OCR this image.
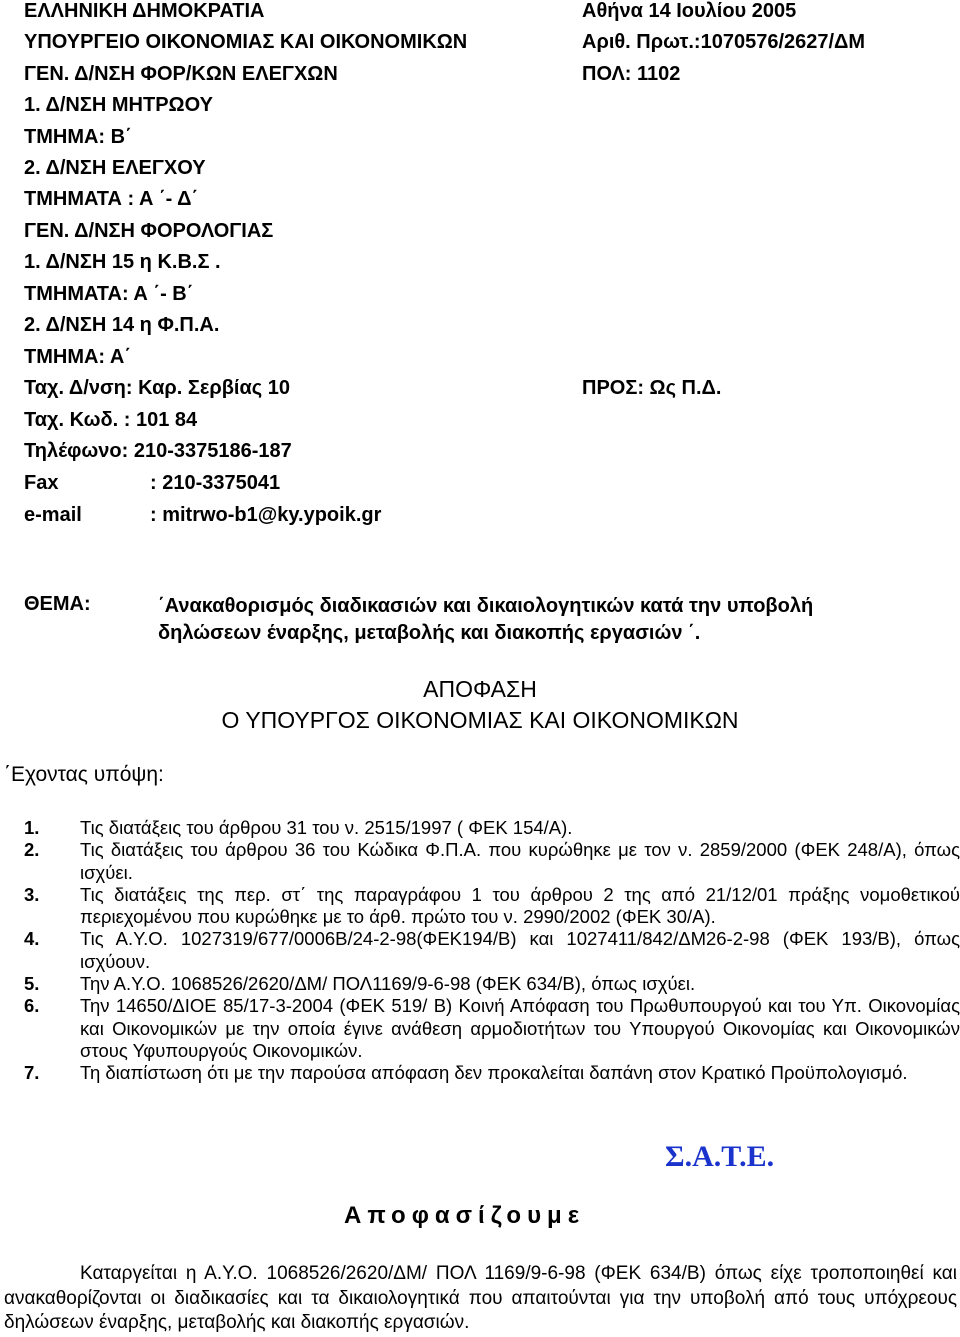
ΕΛΛΗΝΙΚΗ ΔΗΜΟΚΡΑΤΙΑ
ΥΠΟΥΡΓΕΙΟ ΟΙΚΟΝΟΜΙΑΣ ΚΑΙ ΟΙΚΟΝΟΜΙΚΩΝ
ΓΕΝ. Δ/ΝΣΗ ΦΟΡ/ΚΩΝ ΕΛΕΓΧΩΝ
1. Δ/ΝΣΗ ΜΗΤΡΩΟΥ
ΤΜΗΜΑ: Β΄
2. Δ/ΝΣΗ ΕΛΕΓΧΟΥ
ΤΜΗΜΑΤΑ : Α ΄- Δ΄
ΓΕΝ. Δ/ΝΣΗ ΦΟΡΟΛΟΓΙΑΣ
1. Δ/ΝΣΗ 15 η Κ.Β.Σ .
ΤΜΗΜΑΤΑ: Α ΄- Β΄
2. Δ/ΝΣΗ 14 η Φ.Π.Α.
ΤΜΗΜΑ: Α΄
Ταχ. Δ/νση: Καρ. Σερβίας 10
Ταχ. Κωδ. : 101 84
Τηλέφωνο: 210-3375186-187
Fax	: 210-3375041
e-mail	: mitrwo-b1@ky.ypoik.gr
Αθήνα 14 Ιουλίου 2005
Αριθ. Πρωτ.:1070576/2627/ΔΜ
ΠΟΛ: 1102
ΠΡΟΣ: Ως Π.Δ.
ΘΕΜΑ:	΄Ανακαθορισμός διαδικασιών και δικαιολογητικών κατά την υποβολή
δηλώσεων έναρξης, μεταβολής και διακοπής εργασιών ΄.
ΑΠΟΦΑΣΗ
Ο ΥΠΟΥΡΓΟΣ ΟΙΚΟΝΟΜΙΑΣ ΚΑΙ ΟΙΚΟΝΟΜΙΚΩΝ
΄Εχοντας υπόψη:
1.	Τις διατάξεις του άρθρου 31 του ν. 2515/1997 ( ΦΕΚ 154/Α).
2.	Τις διατάξεις του άρθρου 36 του Κώδικα Φ.Π.Α. που κυρώθηκε με τον ν. 2859/2000 (ΦΕΚ 248/Α), όπως ισχύει.
3.	Τις διατάξεις της περ. στ΄ της παραγράφου 1 του άρθρου 2 της από 21/12/01 πράξης νομοθετικού περιεχομένου που κυρώθηκε με το άρθ. πρώτο του ν. 2990/2002 (ΦΕΚ 30/Α).
4.	Τις Α.Υ.Ο. 1027319/677/0006Β/24-2-98(ΦΕΚ194/Β) και 1027411/842/ΔΜ26-2-98 (ΦΕΚ 193/Β), όπως ισχύουν.
5.	Την Α.Υ.Ο. 1068526/2620/ΔΜ/ ΠΟΛ1169/9-6-98 (ΦΕΚ 634/Β), όπως ισχύει.
6.	Την 14650/ΔΙΟΕ 85/17-3-2004 (ΦΕΚ 519/ Β) Κοινή Απόφαση του Πρωθυπουργού και του Υπ. Οικονομίας και Οικονομικών με την οποία έγινε ανάθεση αρμοδιοτήτων του Υπουργού Οικονομίας και Οικονομικών στους Υφυπουργούς Οικονομικών.
7.	Τη διαπίστωση ότι με την παρούσα απόφαση δεν προκαλείται δαπάνη στον Κρατικό Προϋπολογισμό.
Σ.Α.Τ.Ε.
Αποφασίζουμε
Καταργείται η Α.Υ.Ο. 1068526/2620/ΔΜ/ ΠΟΛ 1169/9-6-98 (ΦΕΚ 634/Β) όπως είχε τροποποιηθεί και ανακαθορίζονται οι διαδικασίες και τα δικαιολογητικά που απαιτούνται για την υποβολή από τους υπόχρεους δηλώσεων έναρξης, μεταβολής και διακοπής εργασιών.
